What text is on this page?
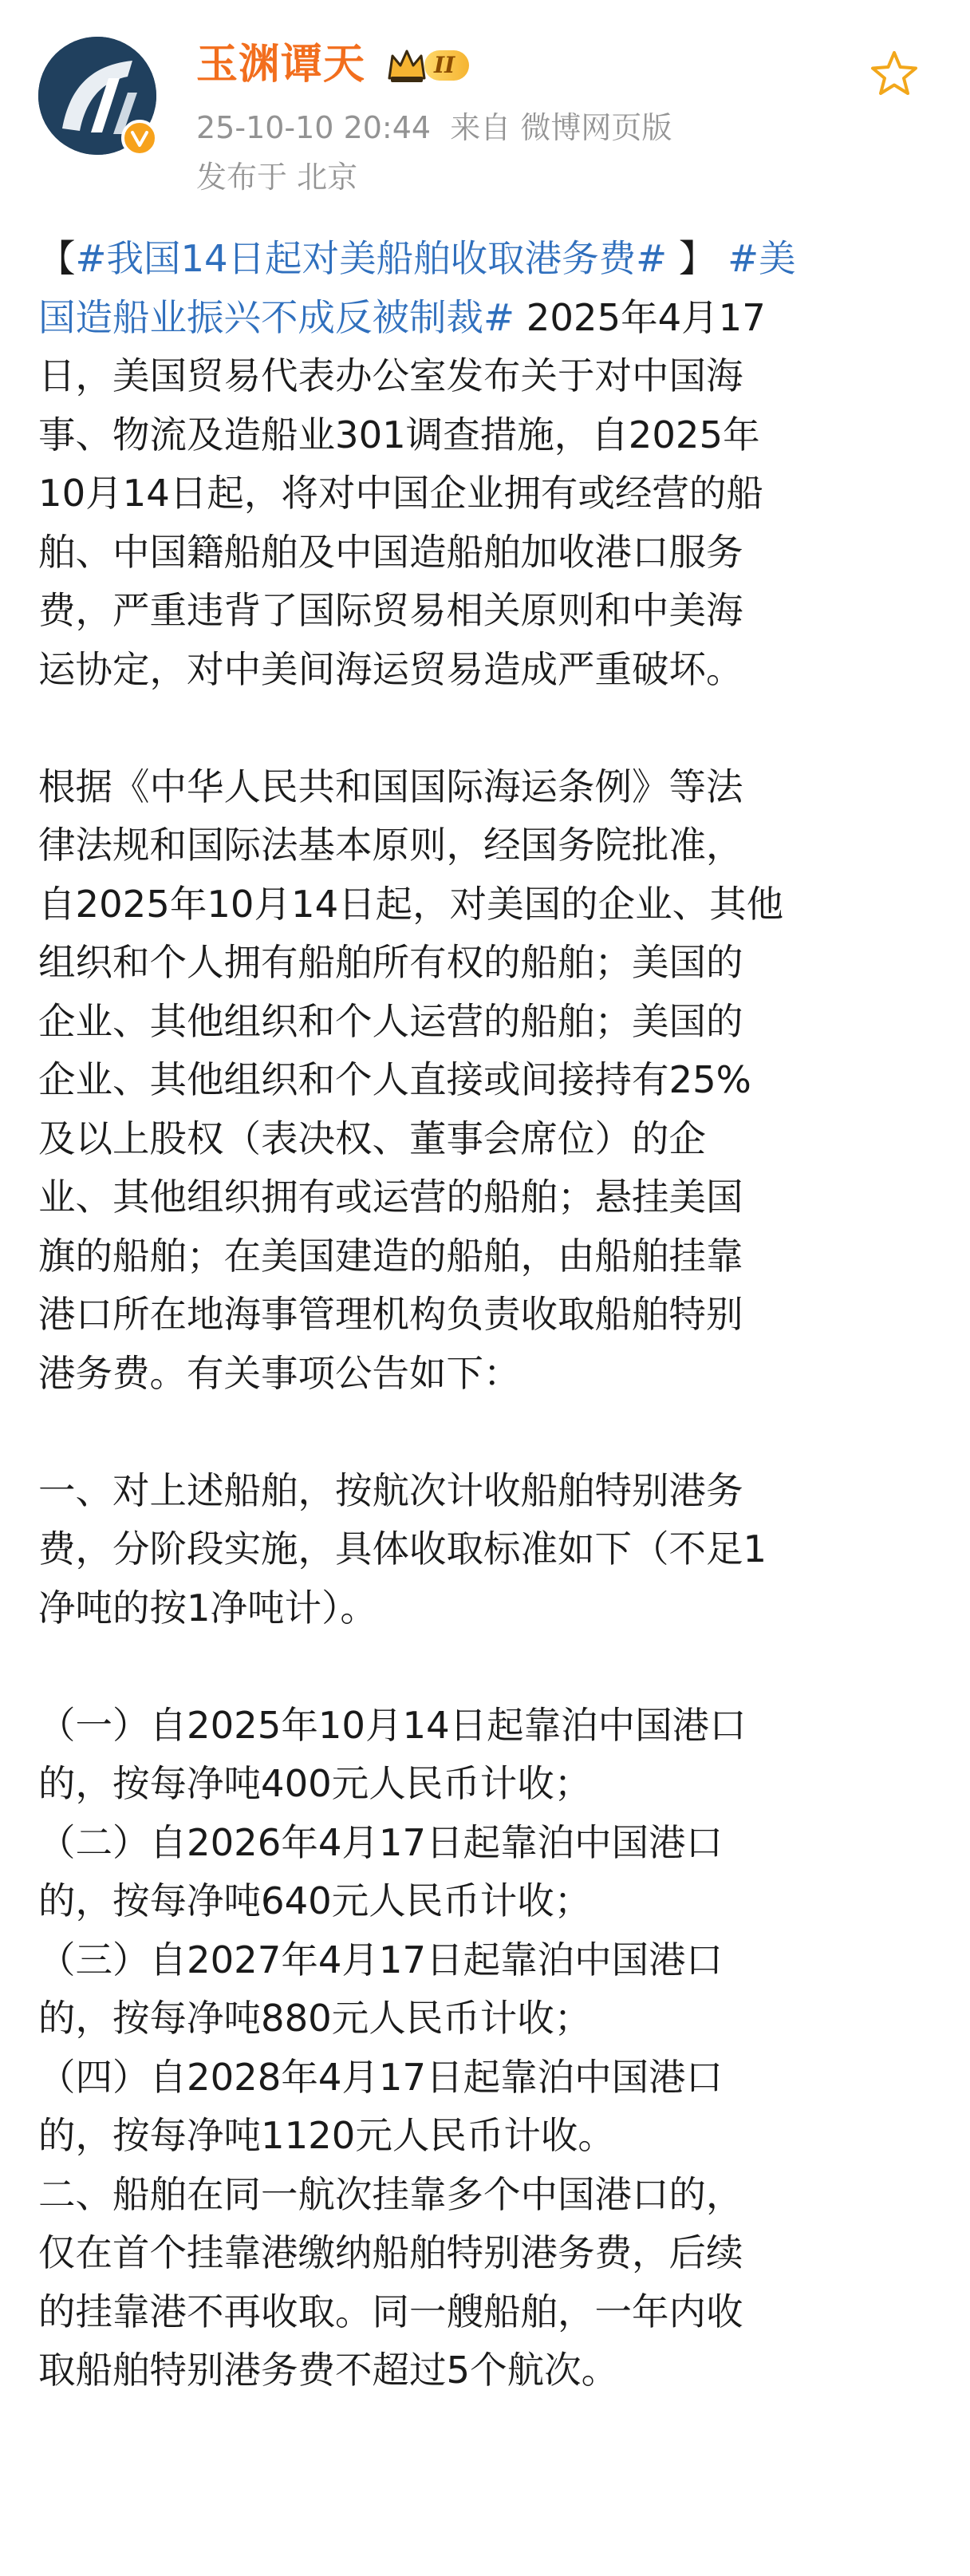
玉渊谭天	II
25-10-10 20:44 来自 微博网页版
发布于 北京
【#我国14日起对美船舶收取港务费# 】 #美
国造船业振兴不成反被制裁# 2025年4月17
日，美国贸易代表办公室发布关于对中国海
事、物流及造船业301调查措施，自2025年
10月14日起，将对中国企业拥有或经营的船
舶、中国籍船舶及中国造船舶加收港口服务
费，严重违背了国际贸易相关原则和中美海
运协定，对中美间海运贸易造成严重破坏。
根据《中华人民共和国国际海运条例》等法
律法规和国际法基本原则，经国务院批准，
自2025年10月14日起，对美国的企业、其他
组织和个人拥有船舶所有权的船舶；美国的
企业、其他组织和个人运营的船舶；美国的
企业、其他组织和个人直接或间接持有25%
及以上股权（表决权、董事会席位）的企
业、其他组织拥有或运营的船舶；悬挂美国
旗的船舶；在美国建造的船舶，由船舶挂靠
港口所在地海事管理机构负责收取船舶特别
港务费。有关事项公告如下：
一、对上述船舶，按航次计收船舶特别港务
费，分阶段实施，具体收取标准如下（不足1
净吨的按1净吨计）。
（一）自2025年10月14日起靠泊中国港口
的，按每净吨400元人民币计收；
（二）自2026年4月17日起靠泊中国港口
的，按每净吨640元人民币计收；
（三）自2027年4月17日起靠泊中国港口
的，按每净吨880元人民币计收；
（四）自2028年4月17日起靠泊中国港口
的，按每净吨1120元人民币计收。
二、船舶在同一航次挂靠多个中国港口的，
仅在首个挂靠港缴纳船舶特别港务费，后续
的挂靠港不再收取。同一艘船舶，一年内收
取船舶特别港务费不超过5个航次。
